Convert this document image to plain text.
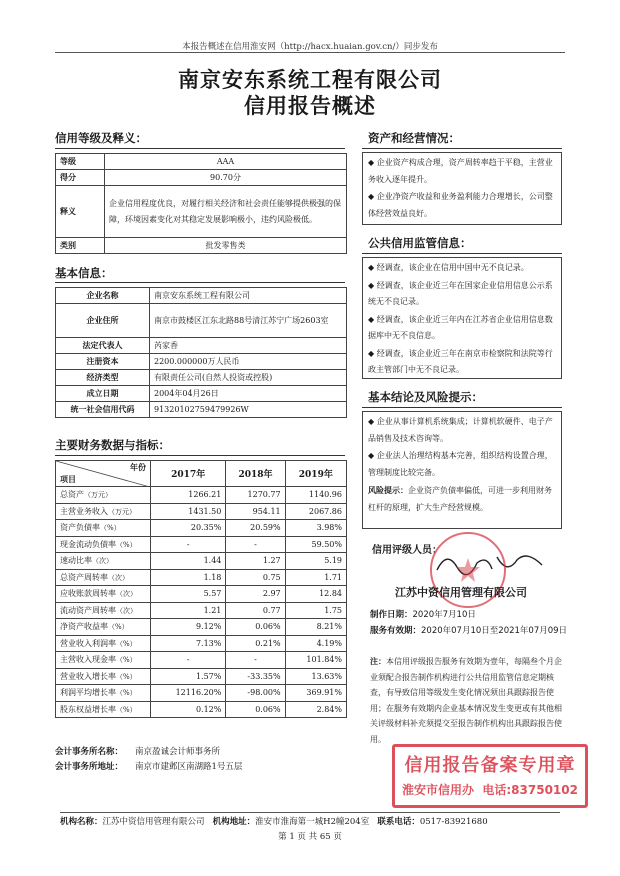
本报告概述在信用淮安网（http://hacx.huaian.gov.cn/）同步发布
南京安东系统工程有限公司
信用报告概述
信用等级及释义：
等级	AAA
得分	90.70分
释义	企业信用程度优良，对履行相关经济和社会责任能够提供极强的保障，环境因素变化对其稳定发展影响极小，违约风险极低。
类别	批发零售类
基本信息：
企业名称	南京安东系统工程有限公司
企业住所	南京市鼓楼区江东北路88号清江苏宁广场2603室
法定代表人	芮家香
注册资本	2200.000000万人民币
经济类型	有限责任公司(自然人投资或控股)
成立日期	2004年04月26日
统一社会信用代码	91320102759479926W
主要财务数据与指标：
年份
项目	2017年	2018年	2019年
总资产（万元）	1266.21	1270.77	1140.96
主营业务收入（万元）	1431.50	954.11	2067.86
资产负债率（%）	20.35%	20.59%	3.98%
现金流动负债率（%）	-	-	59.50%
速动比率（次）	1.44	1.27	5.19
总资产周转率（次）	1.18	0.75	1.71
应收账款周转率（次）	5.57	2.97	12.84
流动资产周转率（次）	1.21	0.77	1.75
净资产收益率（%）	9.12%	0.06%	8.21%
营业收入利润率（%）	7.13%	0.21%	4.19%
主营收入现金率（%）	-	-	101.84%
营业收入增长率（%）	1.57%	-33.35%	13.63%
利润平均增长率（%）	12116.20%	-98.00%	369.91%
股东权益增长率（%）	0.12%	0.06%	2.84%
会计事务所名称： 南京盈诚会计师事务所
会计事务所地址： 南京市建邺区南湖路1号五层
资产和经营情况：

◆ 企业资产构成合理，资产周转率趋于平稳，主营业务收入逐年提升。

◆ 企业净资产收益和业务盈利能力合理增长，公司整体经营效益良好。

公共信用监管信息：

◆ 经调查，该企业在信用中国中无不良记录。

◆ 经调查，该企业近三年在国家企业信用信息公示系统无不良记录。

◆ 经调查，该企业近三年内在江苏省企业信用信息数据库中无不良信息。

◆ 经调查，该企业近三年在南京市检察院和法院等行政主管部门中无不良记录。

基本结论及风险提示：

◆ 企业从事计算机系统集成；计算机软硬件、电子产品销售及技术咨询等。

◆ 企业法人治理结构基本完善，组织结构设置合理，管理制度比较完备。

风险提示：企业资产负债率偏低，可进一步利用财务杠杆的原理，扩大生产经营规模。

信用评级人员：
江苏中资信用管理有限公司
制作日期：2020年7月10日
服务有效期：2020年07月10日至2021年07月09日
注：本信用评级报告服务有效期为壹年，每隔叁个月企业须配合报告制作机构进行公共信用监管信息定期核查，有导致信用等级发生变化情况须出具跟踪报告使用；在服务有效期内企业基本情况发生变更或有其他相关评级材料补充须提交至报告制作机构出具跟踪报告使用。
信用报告备案专用章
淮安市信用办 电话:83750102
机构名称：江苏中资信用管理有限公司 机构地址：淮安市淮海第一城H2幢204室 联系电话：0517-83921680
第 1 页 共 65 页
